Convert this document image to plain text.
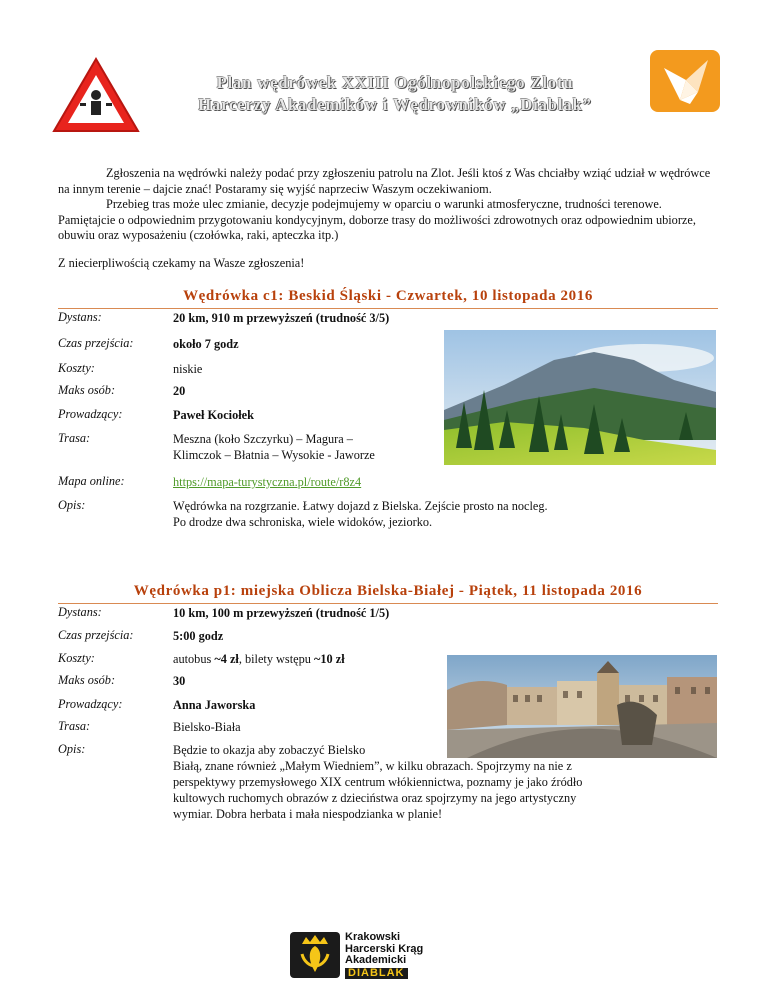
Plan wędrówek XXIII Ogólnopolskiego Zlotu
Harcerzy Akademików i Wędrowników „Diablak”

Zgłoszenia na wędrówki należy podać przy zgłoszeniu patrolu na Zlot. Jeśli ktoś z Was chciałby wziąć udział w wędrówce na innym terenie – dajcie znać! Postaramy się wyjść naprzeciw Waszym oczekiwaniom.

Przebieg tras może ulec zmianie, decyzje podejmujemy w oparciu o warunki atmosferyczne, trudności terenowe. Pamiętajcie o odpowiednim przygotowaniu kondycyjnym, doborze trasy do możliwości zdrowotnych oraz odpowiednim ubiorze, obuwiu oraz wyposażeniu (czołówka, raki, apteczka itp.)

Z niecierpliwością czekamy na Wasze zgłoszenia!

Wędrówka c1: Beskid Śląski - Czwartek, 10 listopada 2016
Dystans:	20 km, 910 m przewyższeń (trudność 3/5)
Czas przejścia:	około 7 godz
Koszty:	niskie
Maks osób:	20
Prowadzący:	Paweł Kociołek
Trasa:	Meszna (koło Szczyrku) – Magura –
Klimczok – Błatnia – Wysokie - Jaworze
Mapa online:	https://mapa-turystyczna.pl/route/r8z4
Opis:	Wędrówka na rozgrzanie. Łatwy dojazd z Bielska. Zejście prosto na nocleg.
Po drodze dwa schroniska, wiele widoków, jeziorko.
Wędrówka p1: miejska Oblicza Bielska-Białej - Piątek, 11 listopada 2016
Dystans:	10 km, 100 m przewyższeń (trudność 1/5)
Czas przejścia:	5:00 godz
Koszty:	autobus ~4 zł, bilety wstępu ~10 zł
Maks osób:	30
Prowadzący:	Anna Jaworska
Trasa:	Bielsko-Biała
Opis:	Będzie to okazja aby zobaczyć Bielsko
Białą, znane również „Małym Wiedniem”, w kilku obrazach. Spojrzymy na nie z
perspektywy przemysłowego XIX centrum włókiennictwa, poznamy je jako źródło
kultowych ruchomych obrazów z dzieciństwa oraz spojrzymy na jego artystyczny
wymiar. Dobra herbata i mała niespodzianka w planie!
Krakowski
Harcerski Krąg
Akademicki
DIABLAK
